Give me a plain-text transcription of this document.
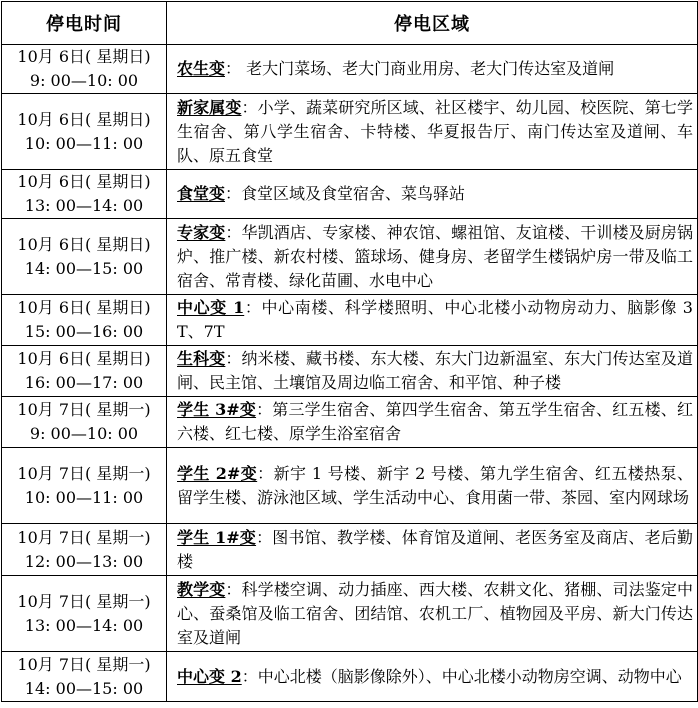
停电时间	停电区域

10月 6日( 星期日)
9: 00—10: 00	农生变： 老大门菜场、老大门商业用房、老大门传达室及道闸

10月 6日( 星期日)
10: 00—11: 00	新家属变：小学、蔬菜研究所区域、社区楼宇、幼儿园、校医院、第七学生宿舍、第八学生宿舍、卡特楼、华夏报告厅、南门传达室及道闸、车队、原五食堂

10月 6日( 星期日)
13: 00—14: 00	食堂变：食堂区域及食堂宿舍、菜鸟驿站

10月 6日( 星期日)
14: 00—15: 00	专家变：华凯酒店、专家楼、神农馆、螺祖馆、友谊楼、干训楼及厨房锅炉、推广楼、新农村楼、篮球场、健身房、老留学生楼锅炉房一带及临工宿舍、常青楼、绿化苗圃、水电中心

10月 6日( 星期日)
15: 00—16: 00	中心变 1：中心南楼、科学楼照明、中心北楼小动物房动力、脑影像 3T、7T

10月 6日( 星期日)
16: 00—17: 00	生科变：纳米楼、藏书楼、东大楼、东大门边新温室、东大门传达室及道闸、民主馆、土壤馆及周边临工宿舍、和平馆、种子楼

10月 7日( 星期一)
9: 00—10: 00	学生 3#变：第三学生宿舍、第四学生宿舍、第五学生宿舍、红五楼、红六楼、红七楼、原学生浴室宿舍

10月 7日( 星期一)
10: 00—11: 00	学生 2#变：新宇 1 号楼、新宇 2 号楼、第九学生宿舍、红五楼热泵、留学生楼、游泳池区域、学生活动中心、食用菌一带、茶园、室内网球场

10月 7日( 星期一)
12: 00—13: 00	学生 1#变：图书馆、教学楼、体育馆及道闸、老医务室及商店、老后勤楼

10月 7日( 星期一)
13: 00—14: 00	教学变：科学楼空调、动力插座、西大楼、农耕文化、猪棚、司法鉴定中心、蚕桑馆及临工宿舍、团结馆、农机工厂、植物园及平房、新大门传达室及道闸

10月 7日( 星期一)
14: 00—15: 00	中心变 2：中心北楼（脑影像除外）、中心北楼小动物房空调、动物中心
